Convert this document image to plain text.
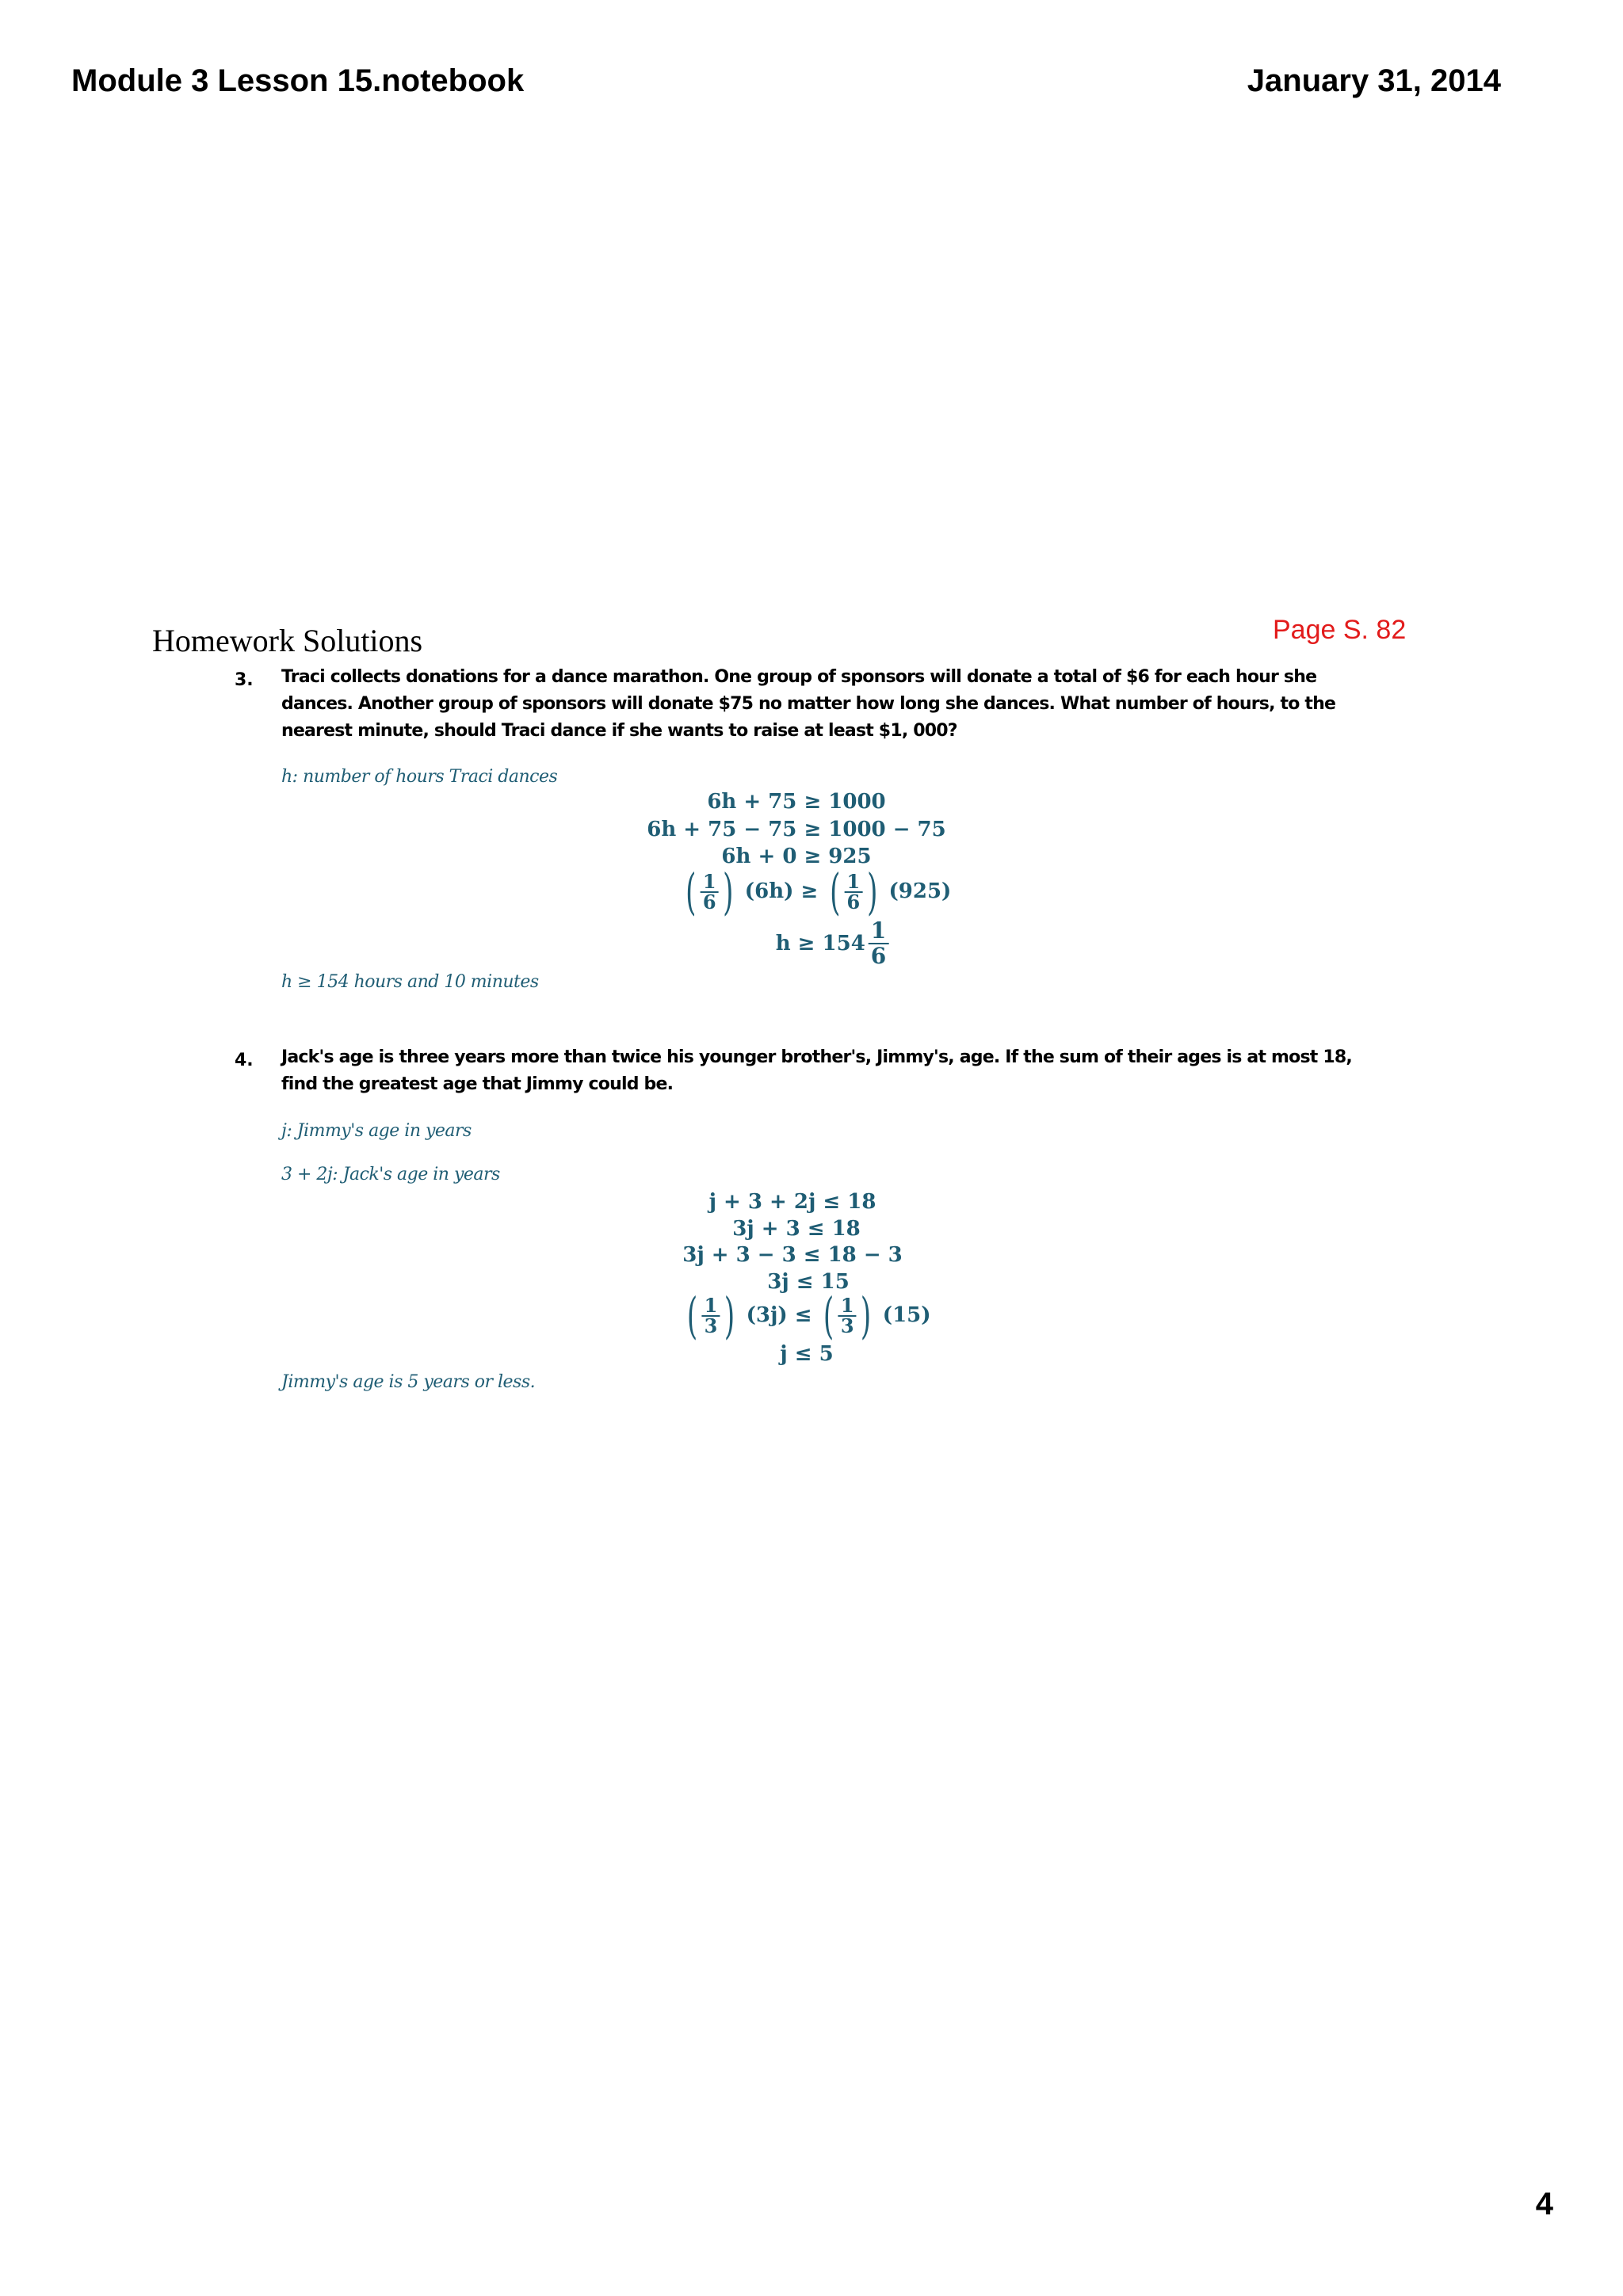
Module 3 Lesson 15.notebook	January 31, 2014
Homework Solutions	Page S. 82
3. Traci collects donations for a dance marathon. One group of sponsors will donate a total of $6 for each hour she
dances. Another group of sponsors will donate $75 no matter how long she dances. What number of hours, to the
nearest minute, should Traci dance if she wants to raise at least $1, 000?
h: number of hours Traci dances
6h + 75 ≥ 1000
6h + 75 − 75 ≥ 1000 − 75
6h + 0 ≥ 925
( $\frac{1}{6}$ ) (6h) ≥ ( $\frac{1}{6}$ ) (925)
$h \ge 154 \frac{1}{6}$
h ≥ 154 hours and 10 minutes
4. Jack's age is three years more than twice his younger brother's, Jimmy's, age. If the sum of their ages is at most 18,
find the greatest age that Jimmy could be.
j: Jimmy's age in years
3 + 2j: Jack's age in years
j + 3 + 2j ≤ 18
3j + 3 ≤ 18
3j + 3 − 3 ≤ 18 − 3
3j ≤ 15
( $\frac{1}{3}$ ) (3j) ≤ ( $\frac{1}{3}$ ) (15)
j ≤ 5
Jimmy's age is 5 years or less.
4
